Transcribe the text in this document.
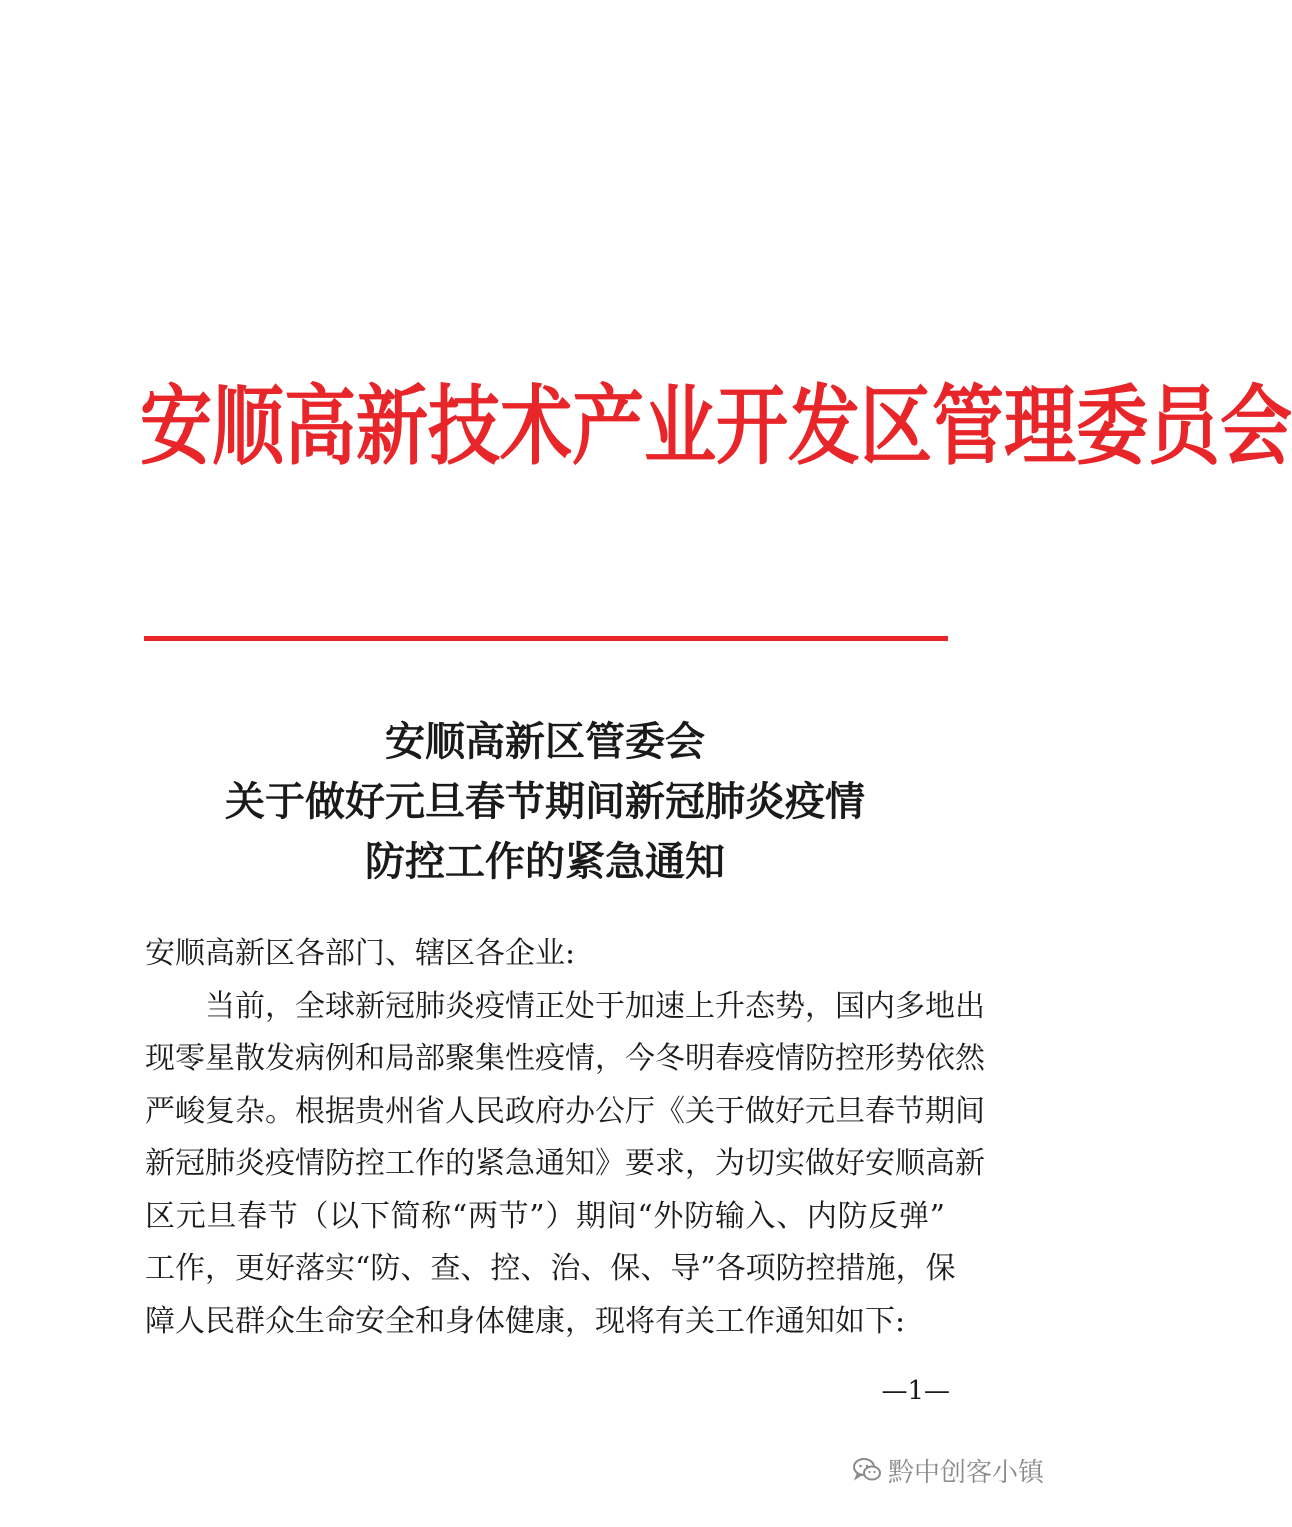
安顺高新技术产业开发区管理委员会
安顺高新区管委会
关于做好元旦春节期间新冠肺炎疫情
防控工作的紧急通知
安顺高新区各部门、辖区各企业:
当前，全球新冠肺炎疫情正处于加速上升态势，国内多地出
现零星散发病例和局部聚集性疫情，今冬明春疫情防控形势依然
严峻复杂。根据贵州省人民政府办公厅《关于做好元旦春节期间
新冠肺炎疫情防控工作的紧急通知》要求，为切实做好安顺高新
区元旦春节（以下简称“两节”）期间“外防输入、内防反弹”
工作，更好落实“防、查、控、治、保、导”各项防控措施，保
障人民群众生命安全和身体健康，现将有关工作通知如下:
—1—
黔中创客小镇
